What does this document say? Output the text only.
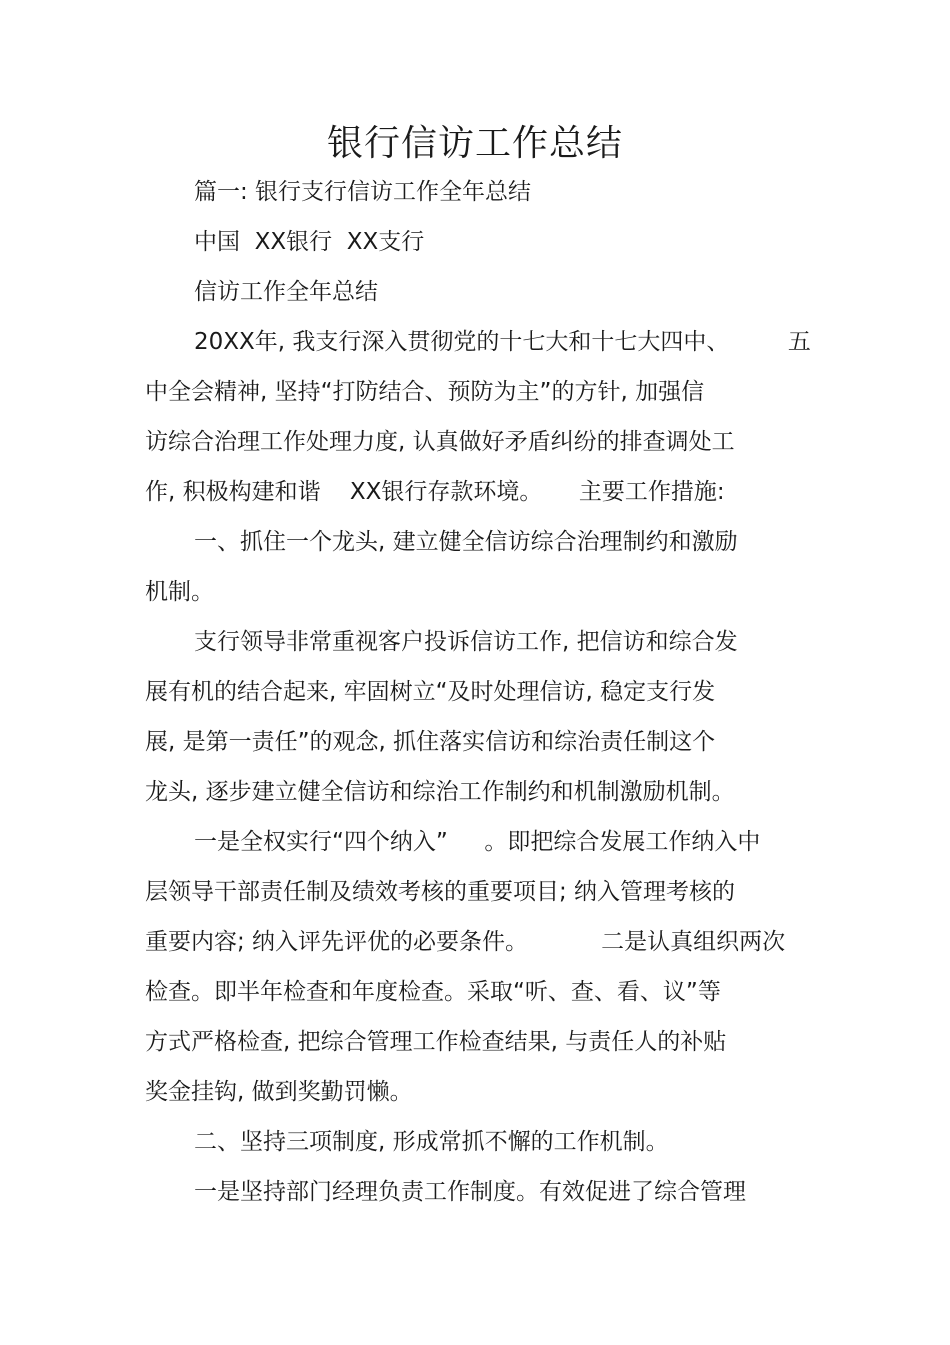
银行信访工作总结
篇一: 银行支行信访工作全年总结
中国  XX银行  XX支行
信访工作全年总结
20XX年, 我支行深入贯彻党的十七大和十七大四中、        五
中全会精神, 坚持“打防结合、预防为主”的方针, 加强信
访综合治理工作处理力度, 认真做好矛盾纠纷的排查调处工
作, 积极构建和谐    XX银行存款环境。     主要工作措施:
一、抓住一个龙头, 建立健全信访综合治理制约和激励
机制。
支行领导非常重视客户投诉信访工作, 把信访和综合发
展有机的结合起来, 牢固树立“及时处理信访, 稳定支行发
展, 是第一责任”的观念, 抓住落实信访和综治责任制这个
龙头, 逐步建立健全信访和综治工作制约和机制激励机制。
一是全权实行“四个纳入”     。即把综合发展工作纳入中
层领导干部责任制及绩效考核的重要项目; 纳入管理考核的
重要内容; 纳入评先评优的必要条件。          二是认真组织两次
检查。即半年检查和年度检查。采取“听、查、看、议”等
方式严格检查, 把综合管理工作检查结果, 与责任人的补贴
奖金挂钩, 做到奖勤罚懒。
二、坚持三项制度, 形成常抓不懈的工作机制。
一是坚持部门经理负责工作制度。有效促进了综合管理
